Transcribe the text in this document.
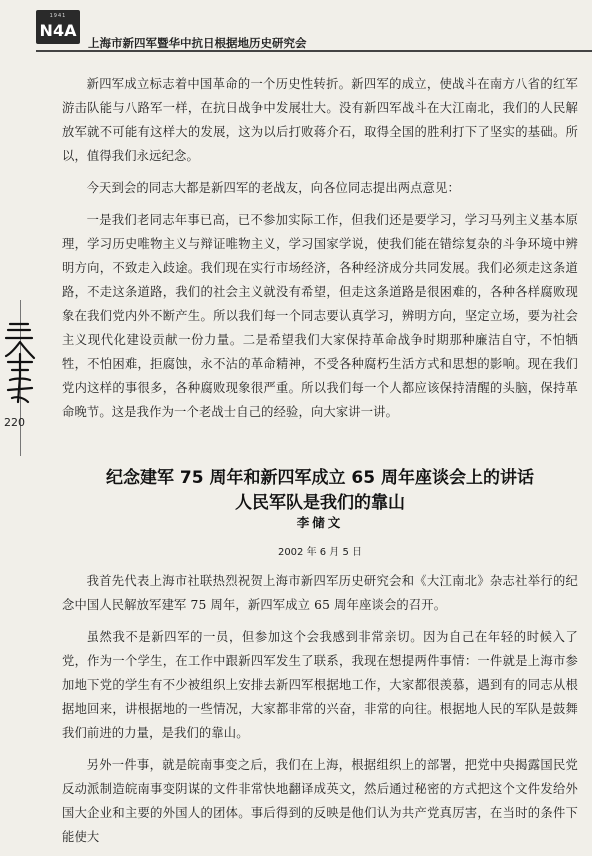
1941
N4A
上海市新四军暨华中抗日根据地历史研究会
220

新四军成立标志着中国革命的一个历史性转折。新四军的成立，使战斗在南方八省的红军游击队能与八路军一样，在抗日战争中发展壮大。没有新四军战斗在大江南北，我们的人民解放军就不可能有这样大的发展，这为以后打败蒋介石，取得全国的胜利打下了坚实的基础。所以，值得我们永远纪念。

今天到会的同志大都是新四军的老战友，向各位同志提出两点意见：

一是我们老同志年事已高，已不参加实际工作，但我们还是要学习，学习马列主义基本原理，学习历史唯物主义与辩证唯物主义，学习国家学说，使我们能在错综复杂的斗争环境中辨明方向，不致走入歧途。我们现在实行市场经济，各种经济成分共同发展。我们必须走这条道路，不走这条道路，我们的社会主义就没有希望，但走这条道路是很困难的，各种各样腐败现象在我们党内外不断产生。所以我们每一个同志要认真学习，辨明方向，坚定立场，要为社会主义现代化建设贡献一份力量。二是希望我们大家保持革命战争时期那种廉洁自守，不怕牺牲，不怕困难，拒腐蚀，永不沾的革命精神，不受各种腐朽生活方式和思想的影响。现在我们党内这样的事很多，各种腐败现象很严重。所以我们每一个人都应该保持清醒的头脑，保持革命晚节。这是我作为一个老战士自己的经验，向大家讲一讲。

纪念建军 75 周年和新四军成立 65 周年座谈会上的讲话
人民军队是我们的靠山
李储文
2002 年 6 月 5 日

我首先代表上海市社联热烈祝贺上海市新四军历史研究会和《大江南北》杂志社举行的纪念中国人民解放军建军 75 周年，新四军成立 65 周年座谈会的召开。

虽然我不是新四军的一员，但参加这个会我感到非常亲切。因为自己在年轻的时候入了党，作为一个学生，在工作中跟新四军发生了联系，我现在想提两件事情：一件就是上海市参加地下党的学生有不少被组织上安排去新四军根据地工作，大家都很羡慕，遇到有的同志从根据地回来，讲根据地的一些情况，大家都非常的兴奋，非常的向往。根据地人民的军队是鼓舞我们前进的力量，是我们的靠山。

另外一件事，就是皖南事变之后，我们在上海，根据组织上的部署，把党中央揭露国民党反动派制造皖南事变阴谋的文件非常快地翻译成英文，然后通过秘密的方式把这个文件发给外国大企业和主要的外国人的团体。事后得到的反映是他们认为共产党真厉害，在当时的条件下能使大
